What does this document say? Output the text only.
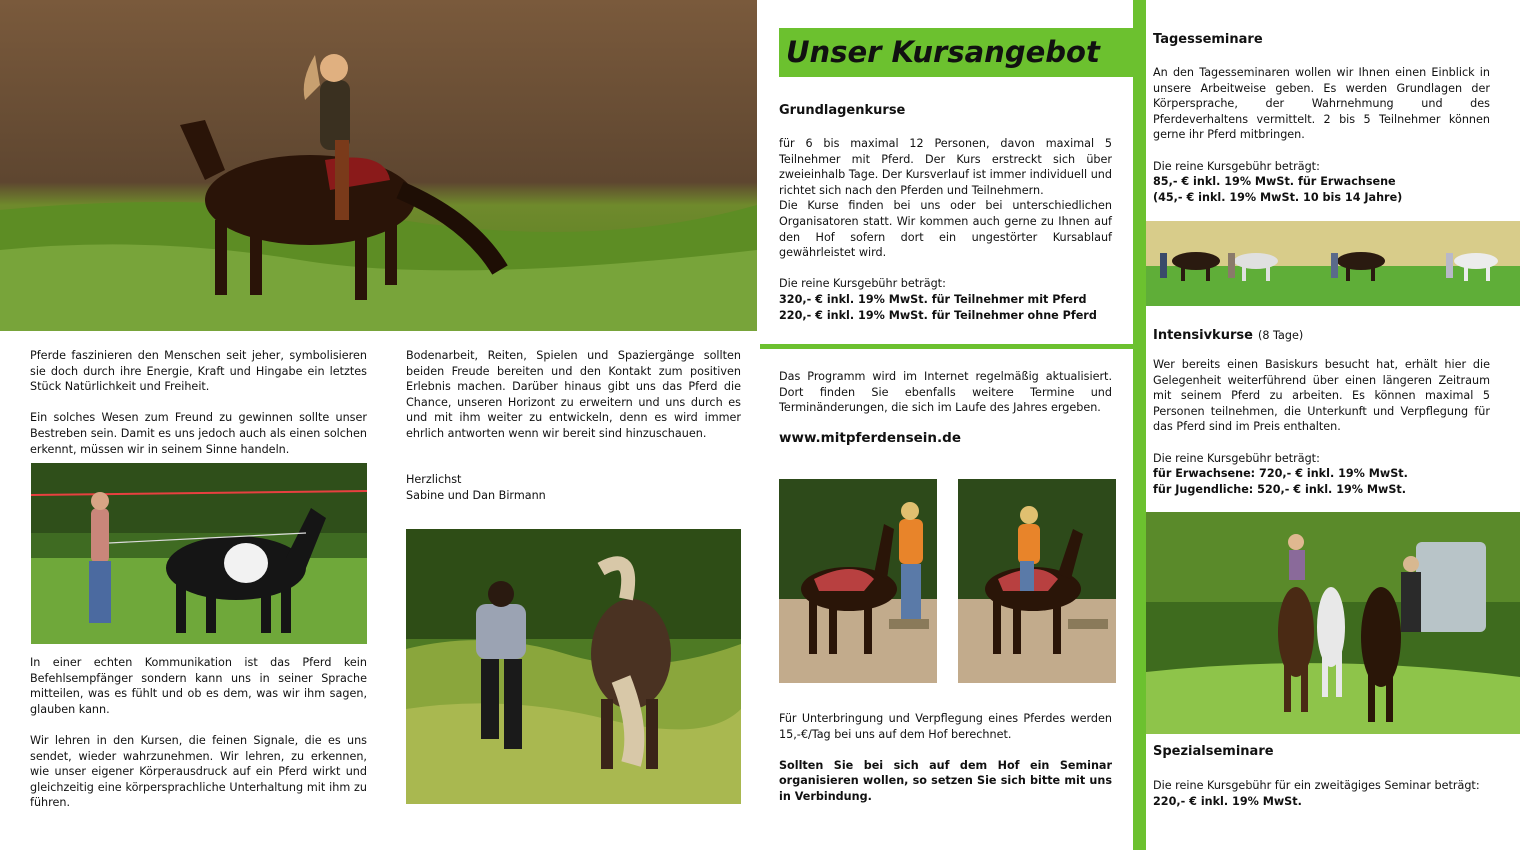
Pferde faszinieren den Menschen seit jeher, symbolisieren sie doch durch ihre Energie, Kraft und Hingabe ein letztes Stück Natürlichkeit und Freiheit.

Ein solches Wesen zum Freund zu gewinnen sollte unser Bestreben sein. Damit es uns jedoch auch als einen solchen erkennt, müssen wir in seinem Sinne handeln.

In einer echten Kommunikation ist das Pferd kein Befehlsempfänger sondern kann uns in seiner Sprache mitteilen, was es fühlt und ob es dem, was wir ihm sagen, glauben kann.

Wir lehren in den Kursen, die feinen Signale, die es uns sendet, wieder wahrzunehmen. Wir lehren, zu erkennen, wie unser eigener Körperausdruck auf ein Pferd wirkt und gleichzeitig eine körpersprachliche Unterhaltung mit ihm zu führen.

Bodenarbeit, Reiten, Spielen und Spaziergänge sollten beiden Freude bereiten und den Kontakt zum positiven Erlebnis machen. Darüber hinaus gibt uns das Pferd die Chance, unseren Horizont zu erweitern und uns durch es und mit ihm weiter zu entwickeln, denn es wird immer ehrlich antworten wenn wir bereit sind hinzuschauen.

Herzlichst
Sabine und Dan Birmann
Unser Kursangebot
Grundlagenkurse
für 6 bis maximal 12 Personen, davon maximal 5 Teilnehmer mit Pferd. Der Kurs erstreckt sich über zweieinhalb Tage. Der Kursverlauf ist immer individuell und richtet sich nach den Pferden und Teilnehmern.
Die Kurse finden bei uns oder bei unterschiedlichen Organisatoren statt. Wir kommen auch gerne zu Ihnen auf den Hof sofern dort ein ungestörter Kursablauf gewährleistet wird.
Die reine Kursgebühr beträgt:
320,- € inkl. 19% MwSt. für Teilnehmer mit Pferd
220,- € inkl. 19% MwSt. für Teilnehmer ohne Pferd
Das Programm wird im Internet regelmäßig aktualisiert. Dort finden Sie ebenfalls weitere Termine und Terminänderungen, die sich im Laufe des Jahres ergeben.
www.mitpferdensein.de

Für Unterbringung und Verpflegung eines Pferdes werden 15,-€/Tag bei uns auf dem Hof berechnet.

Sollten Sie bei sich auf dem Hof ein Seminar organisieren wollen, so setzen Sie sich bitte mit uns in Verbindung.

Tagesseminare
An den Tagesseminaren wollen wir Ihnen einen Einblick in unsere Arbeitweise geben. Es werden Grundlagen der Körpersprache, der Wahrnehmung und des Pferdeverhaltens vermittelt. 2 bis 5 Teilnehmer können gerne ihr Pferd mitbringen.
Die reine Kursgebühr beträgt:
85,- € inkl. 19% MwSt. für Erwachsene
(45,- € inkl. 19% MwSt. 10 bis 14 Jahre)
Intensivkurse (8 Tage)
Wer bereits einen Basiskurs besucht hat, erhält hier die Gelegenheit weiterführend über einen längeren Zeitraum mit seinem Pferd zu arbeiten. Es können maximal 5 Personen teilnehmen, die Unterkunft und Verpflegung für das Pferd sind im Preis enthalten.
Die reine Kursgebühr beträgt:
für Erwachsene: 720,- € inkl. 19% MwSt.
für Jugendliche: 520,- € inkl. 19% MwSt.
Spezialseminare
Die reine Kursgebühr für ein zweitägiges Seminar beträgt:
220,- € inkl. 19% MwSt.
